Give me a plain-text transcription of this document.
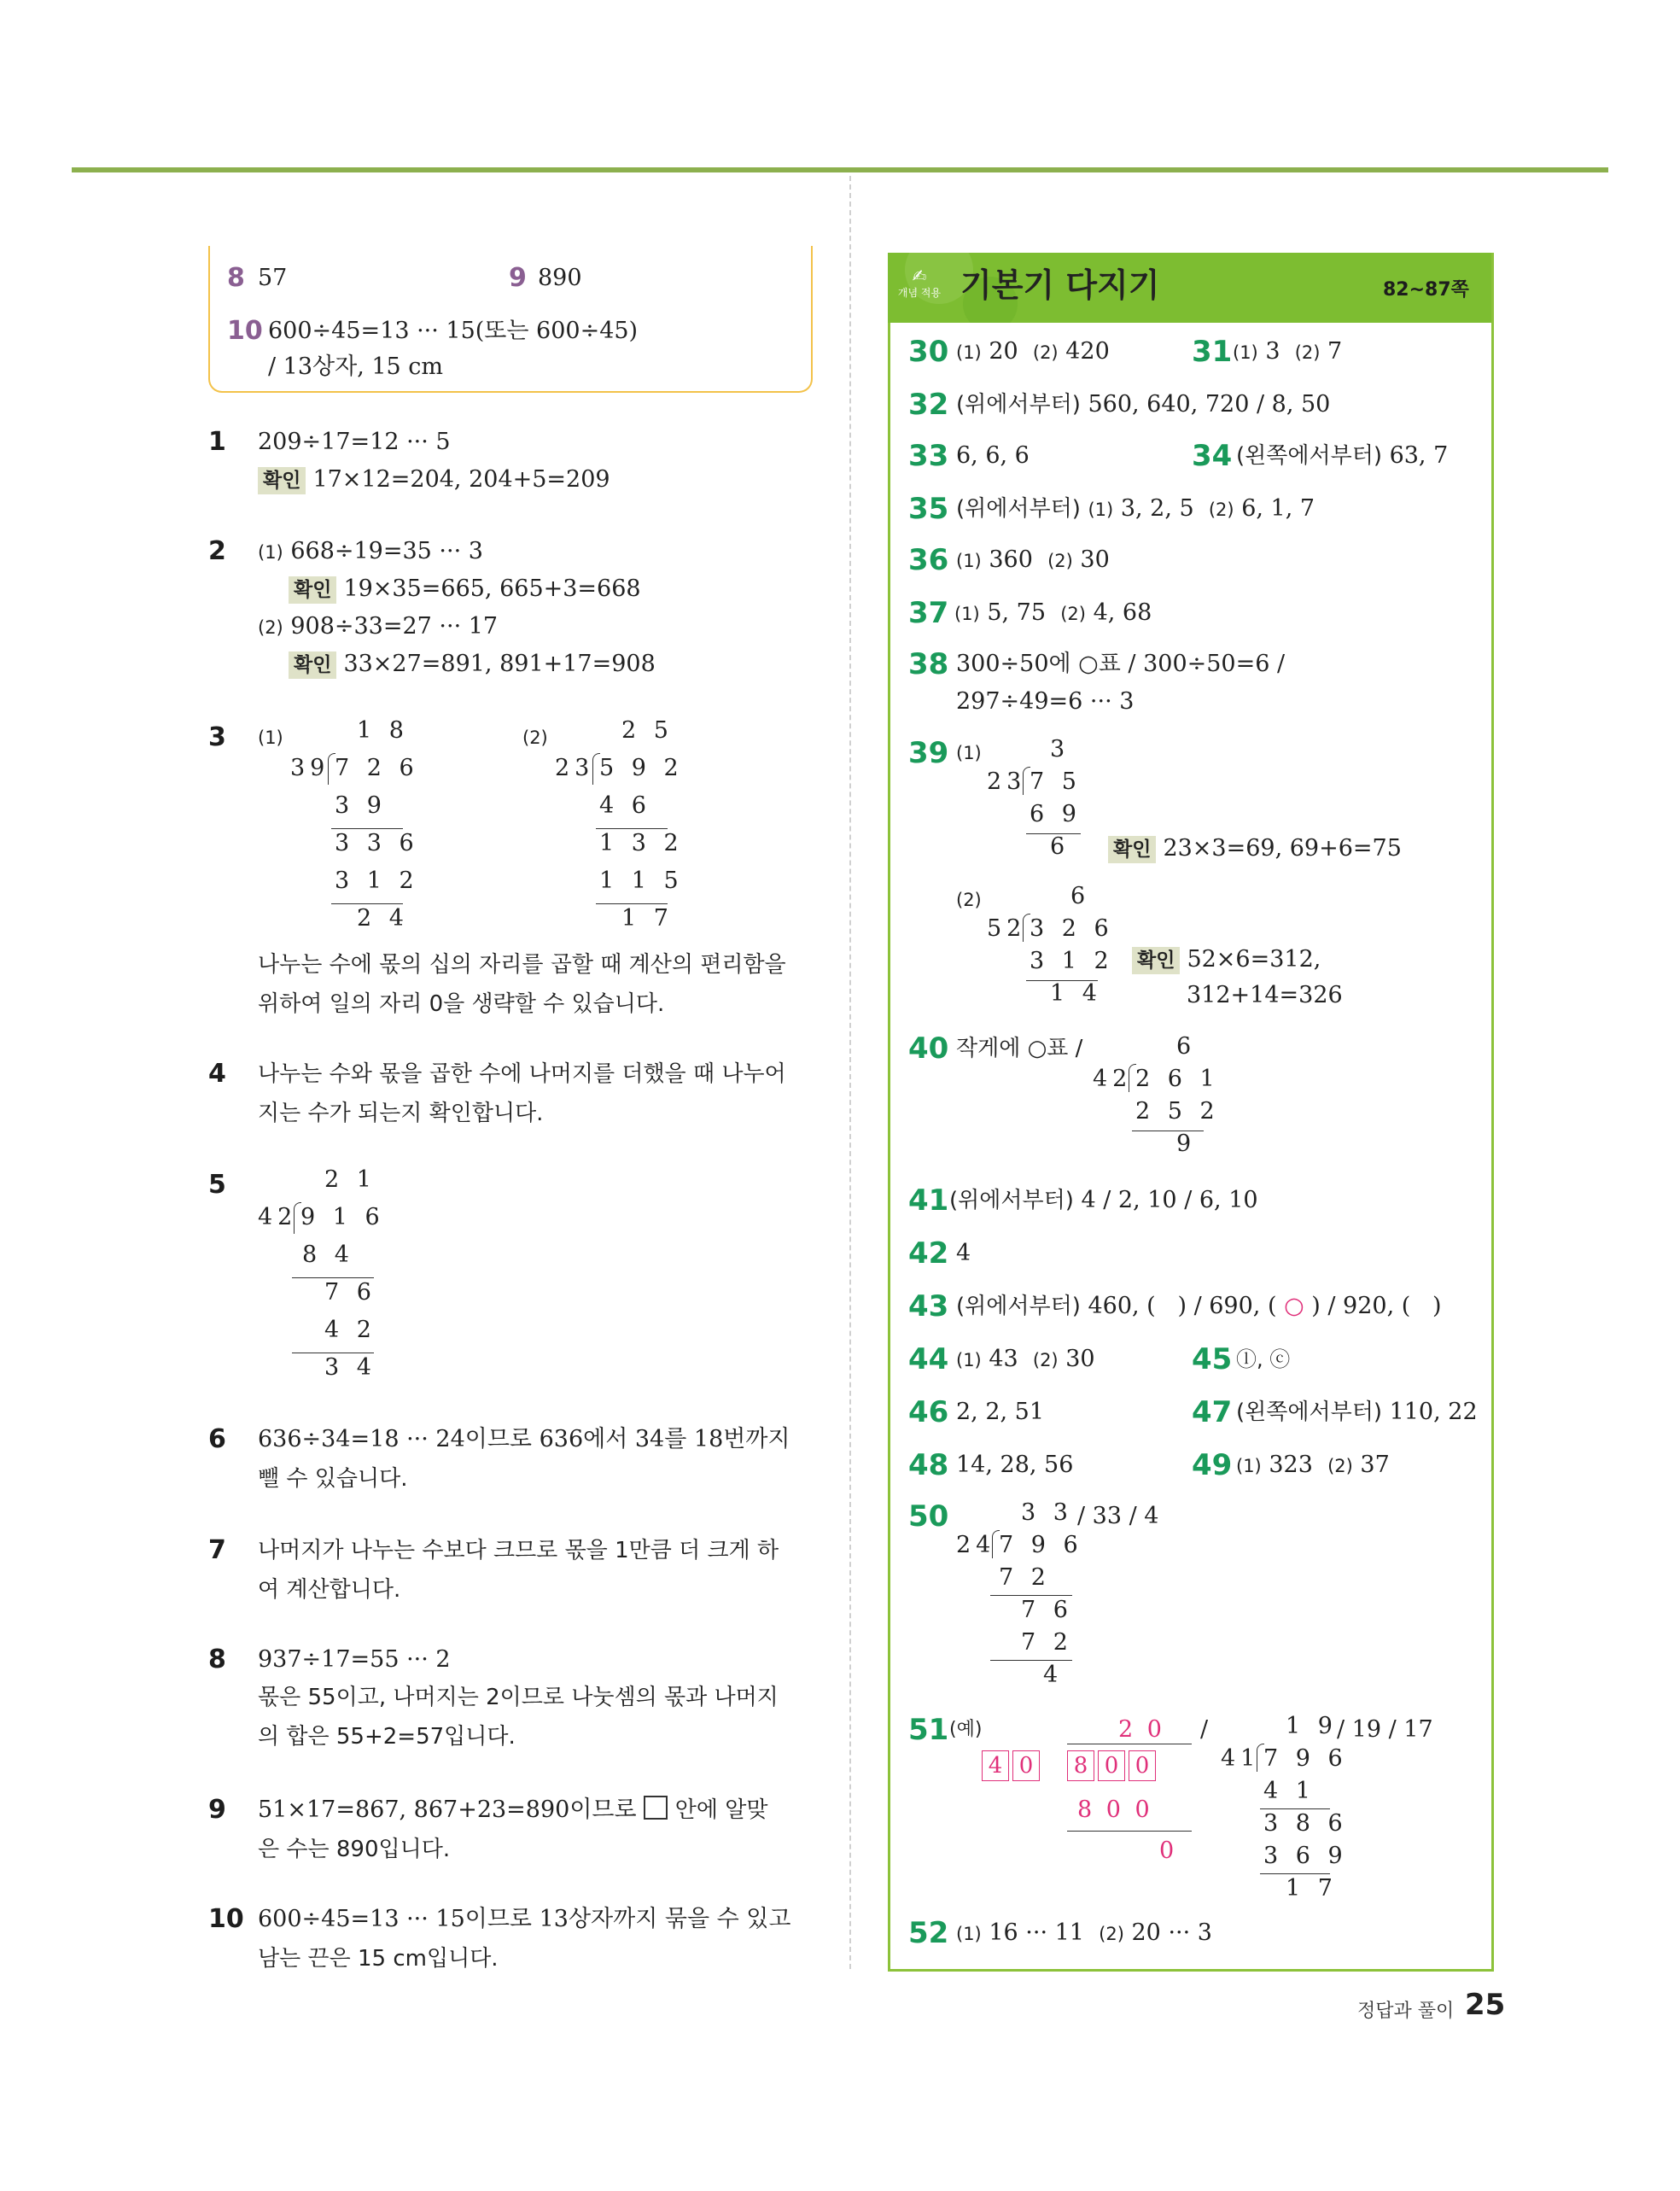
8 57	9 890
10 600÷45=13 ··· 15(또는 600÷45)
/ 13상자, 15 cm
1 209÷17=12 ··· 5
확인 17×12=204, 204+5=209
2 (1) 668÷19=35 ··· 3
확인 19×35=665, 665+3=668
(2) 908÷33=27 ··· 17
확인 33×27=891, 891+17=908
3 (1)	(2)
1 8
39 7 2 6
3 9
3 3 6
3 1 2
2 4
2 5
23 5 9 2
4 6
1 3 2
1 1 5
1 7
나누는 수에 몫의 십의 자리를 곱할 때 계산의 편리함을
위하여 일의 자리 0을 생략할 수 있습니다.
4 나누는 수와 몫을 곱한 수에 나머지를 더했을 때 나누어
지는 수가 되는지 확인합니다.
5	2 1
42 9 1 6
8 4
7 6
4 2
3 4
6 636÷34=18 ··· 24이므로 636에서 34를 18번까지
뺄 수 있습니다.
7 나머지가 나누는 수보다 크므로 몫을 1만큼 더 크게 하
여 계산합니다.
8 937÷17=55 ··· 2
몫은 55이고, 나머지는 2이므로 나눗셈의 몫과 나머지
의 합은 55+2=57입니다.
9 51×17=867, 867+23=890이므로 안에 알맞
은 수는 890입니다.
10 600÷45=13 ··· 15이므로 13상자까지 묶을 수 있고
남는 끈은 15 cm입니다.
✍
개념 적용 기본기 다지기	82~87쪽
30 (1) 20 (2) 420	31 (1) 3 (2) 7
32 (위에서부터) 560, 640, 720 / 8, 50
33 6, 6, 6	34 (왼쪽에서부터) 63, 7
35 (위에서부터) (1) 3, 2, 5 (2) 6, 1, 7
36 (1) 360 (2) 30
37 (1) 5, 75 (2) 4, 68
38 300÷50에 ○표 / 300÷50=6 /
297÷49=6 ··· 3
39 (1)	3
23 7 5
6 9
6 확인 23×3=69, 69+6=75
(2)	6
52 3 2 6
3 1 2
1 4
확인 52×6=312,
312+14=326
40 작게에 ○표 /	6
42 2 6 1
2 5 2
9
41 (위에서부터) 4 / 2, 10 / 6, 10
42 4
43 (위에서부터) 460, ( ) / 690, ( ○ ) / 920, ( )
44 (1) 43 (2) 30	45 ⓛ, ⓒ
46 2, 2, 51	47 (왼쪽에서부터) 110, 22
48 14, 28, 56	49 (1) 323 (2) 37
50	3 3
24 7 9 6
7 2
7 6
7 2
4
/ 33 / 4
51 (예)	2 0 /
4 0	8 0 0
8 0 0
0
1 9
41 7 9 6
4 1
3 8 6
3 6 9
1 7
/ 19 / 17
52 (1) 16 ··· 11 (2) 20 ··· 3
정답과 풀이 25
